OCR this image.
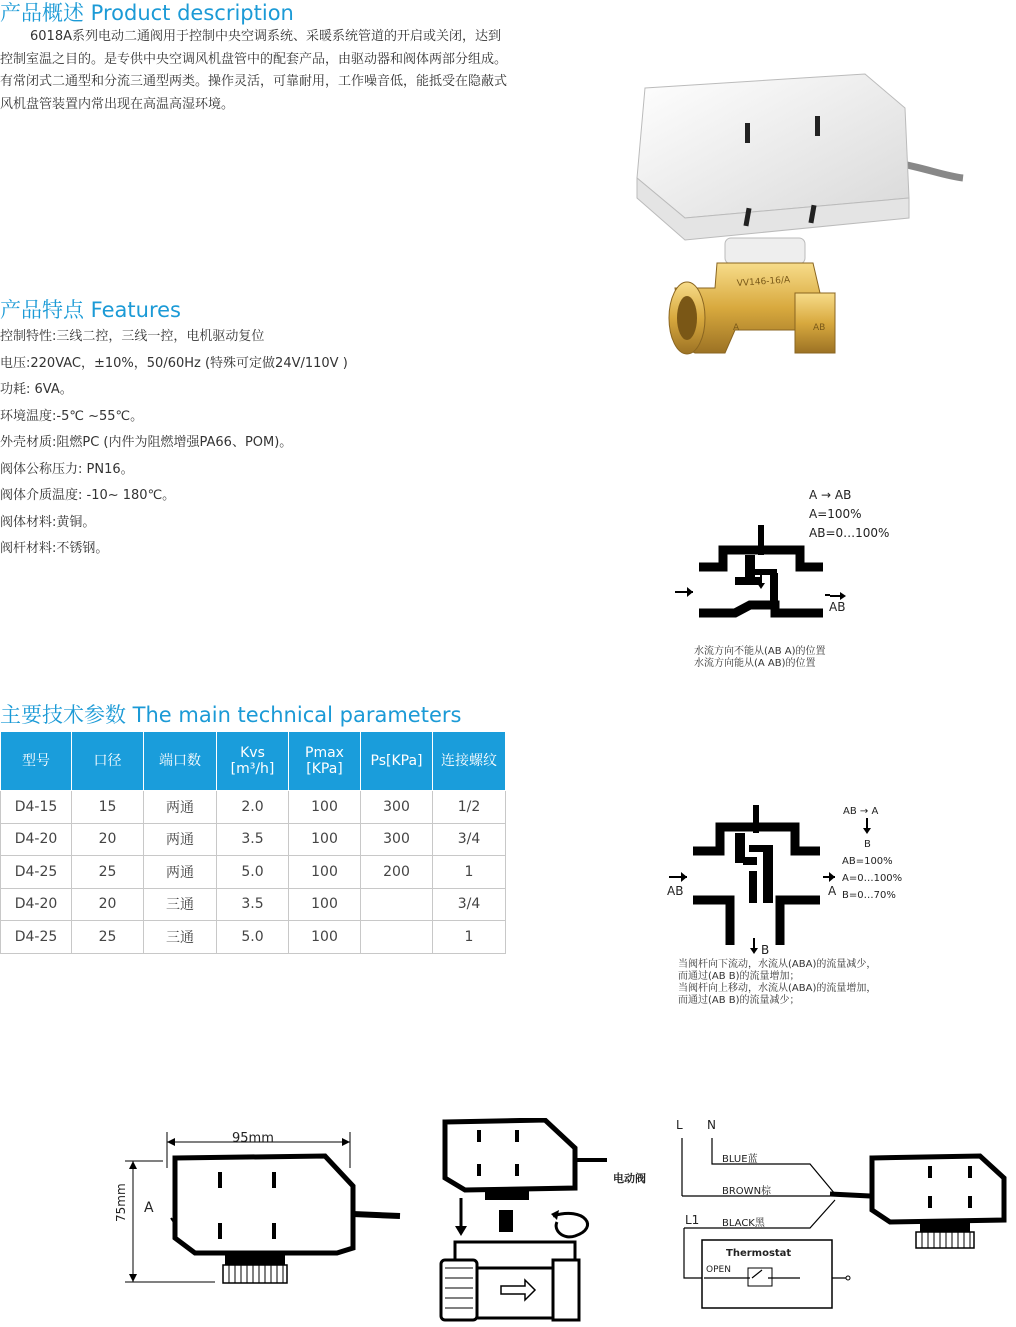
产品概述 Product description

6018A系列电动二通阀用于控制中央空调系统、采暖系统管道的开启或关闭，达到控制室温之目的。是专供中央空调风机盘管中的配套产品，由驱动器和阀体两部分组成。有常闭式二通型和分流三通型两类。操作灵活，可靠耐用，工作噪音低，能抵受在隐蔽式风机盘管装置内常出现在高温高湿环境。

VV146-16/A
A	AB
产品特点 Features
控制特性:三线二控，三线一控，电机驱动复位
电压:220VAC，±10%，50/60Hz (特殊可定做24V/110V )
功耗: 6VA。
环境温度:-5℃ ~55℃。
外壳材质:阻燃PC (内件为阻燃增强PA66、POM)。
阀体公称压力: PN16。
阀体介质温度: -10~ 180℃。
阀体材料:黄铜。
阀杆材料:不锈钢。
A → AB
A=100%
AB=0…100%
AB
水流方向不能从(AB A)的位置
水流方向能从(A AB)的位置
主要技术参数 The main technical parameters
型号	口径	端口数	Kvs [m³/h]	Pmax [KPa]	Ps[KPa]	连接螺纹
D4-15	15	两通	2.0	100	300	1/2
D4-20	20	两通	3.5	100	300	3/4
D4-25	25	两通	5.0	100	200	1
D4-20	20	三通	3.5	100		3/4
D4-25	25	三通	5.0	100		1
AB → A
B
AB=100%
A=0…100%
B=0…70%
AB	A
B
当阀杆向下流动，水流从(ABA)的流量减少，
而通过(AB B)的流量增加；
当阀杆向上移动，水流从(ABA)的流量增加，
而通过(AB B)的流量减少；
95mm
75mm A
电动阀
L N
BLUE蓝
BROWN棕
L1 BLACK黑
Thermostat
OPEN
